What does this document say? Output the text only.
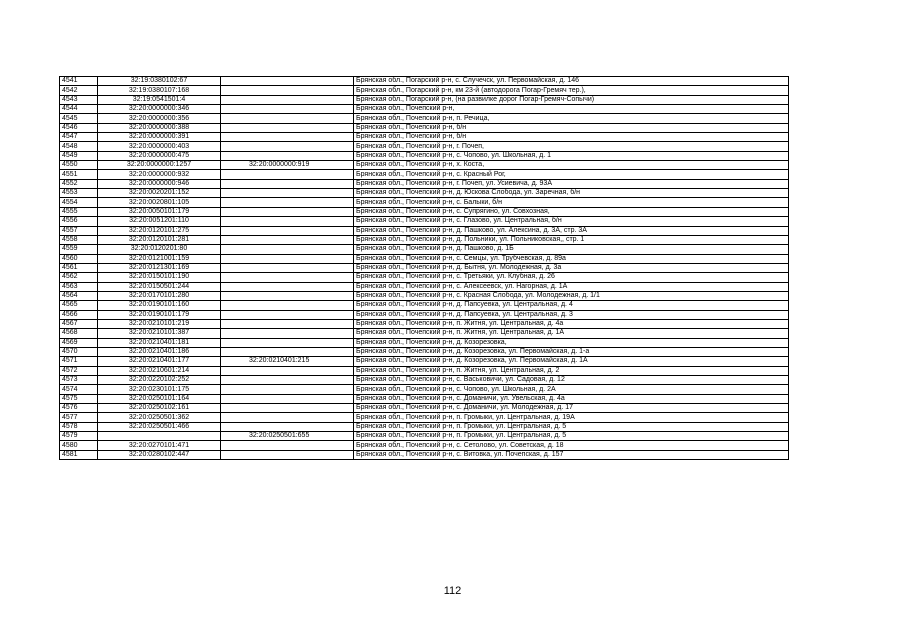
4541	32:19:0380102:67		Брянская обл., Погарский р-н, с. Случечск, ул. Первомайская, д. 146
4542	32:19:0380107:168		Брянская обл., Погарский р-н, км 23-й (автодорога Погар-Гремяч тер.),
4543	32:19:0541501:4		Брянская обл., Погарский р-н, (на развилке дорог Погар-Гремяч-Сопычи)
4544	32:20:0000000:346		Брянская обл., Почепский р-н,
4545	32:20:0000000:356		Брянская обл., Почепский р-н, п. Речица,
4546	32:20:0000000:388		Брянская обл., Почепский р-н, б/н
4547	32:20:0000000:391		Брянская обл., Почепский р-н, б/н
4548	32:20:0000000:403		Брянская обл., Почепский р-н, г. Почеп,
4549	32:20:0000000:475		Брянская обл., Почепский р-н, с. Чопово, ул. Школьная, д. 1
4550	32:20:0000000:1257	32:20:0000000:919	Брянская обл., Почепский р-н, х. Коста,
4551	32:20:0000000:932		Брянская обл., Почепский р-н, с. Красный Рог,
4552	32:20:0000000:946		Брянская обл., Почепский р-н, г. Почеп, ул. Усиевича, д. 93А
4553	32:20:0020201:152		Брянская обл., Почепский р-н, д. Юскова Слобода, ул. Заречная, б/н
4554	32:20:0020801:105		Брянская обл., Почепский р-н, с. Балыки, б/н
4555	32:20:0050101:179		Брянская обл., Почепский р-н, с. Супрягино, ул. Совхозная,
4556	32:20:0051201:110		Брянская обл., Почепский р-н, с. Глазово, ул. Центральная, б/н
4557	32:20:0120101:275		Брянская обл., Почепский р-н, д. Пашково, ул. Алексина, д. 3А, стр. 3А
4558	32:20:0120101:281		Брянская обл., Почепский р-н, д. Польники, ул. Польниковская,, стр. 1
4559	32:20:0120201:80		Брянская обл., Почепский р-н, д. Пашково, д. 1Б
4560	32:20:0121001:159		Брянская обл., Почепский р-н, с. Семцы, ул. Трубчевская, д. 89а
4561	32:20:0121301:169		Брянская обл., Почепский р-н, д. Бытня, ул. Молодежная, д. 3а
4562	32:20:0150101:190		Брянская обл., Почепский р-н, с. Третьяки, ул. Клубная, д. 26
4563	32:20:0150501:244		Брянская обл., Почепский р-н, с. Алексеевск, ул. Нагорная, д. 1А
4564	32:20:0170101:280		Брянская обл., Почепский р-н, с. Красная Слобода, ул. Молодежная, д. 1/1
4565	32:20:0190101:160		Брянская обл., Почепский р-н, д. Папсуевка, ул. Центральная, д. 4
4566	32:20:0190101:179		Брянская обл., Почепский р-н, д. Папсуевка, ул. Центральная, д. 3
4567	32:20:0210101:219		Брянская обл., Почепский р-н, п. Житня, ул. Центральная, д. 4а
4568	32:20:0210101:387		Брянская обл., Почепский р-н, п. Житня, ул. Центральная, д. 1А
4569	32:20:0210401:181		Брянская обл., Почепский р-н, д. Козорезовка,
4570	32:20:0210401:186		Брянская обл., Почепский р-н, д. Козорезовка, ул. Первомайская, д. 1-а
4571	32:20:0210401:177	32:20:0210401:215	Брянская обл., Почепский р-н, д. Козорезовка, ул. Первомайская, д. 1А
4572	32:20:0210601:214		Брянская обл., Почепский р-н, п. Житня, ул. Центральная, д. 2
4573	32:20:0220102:252		Брянская обл., Почепский р-н, с. Васьковичи, ул. Садовая, д. 12
4574	32:20:0230101:175		Брянская обл., Почепский р-н, с. Чопово, ул. Школьная, д. 2А
4575	32:20:0250101:164		Брянская обл., Почепский р-н, с. Доманичи, ул. Увельская, д. 4а
4576	32:20:0250102:161		Брянская обл., Почепский р-н, с. Доманичи, ул. Молодежная, д. 17
4577	32:20:0250501:362		Брянская обл., Почепский р-н, п. Громыки, ул. Центральная, д. 19А
4578	32:20:0250501:466		Брянская обл., Почепский р-н, п. Громыки, ул. Центральная, д. 5
4579		32:20:0250501:655	Брянская обл., Почепский р-н, п. Громыки, ул. Центральная, д. 5
4580	32:20:0270101:471		Брянская обл., Почепский р-н, с. Сетолово, ул. Советская, д. 18
4581	32:20:0280102:447		Брянская обл., Почепский р-н, с. Витовка, ул. Почепская, д. 157
112
